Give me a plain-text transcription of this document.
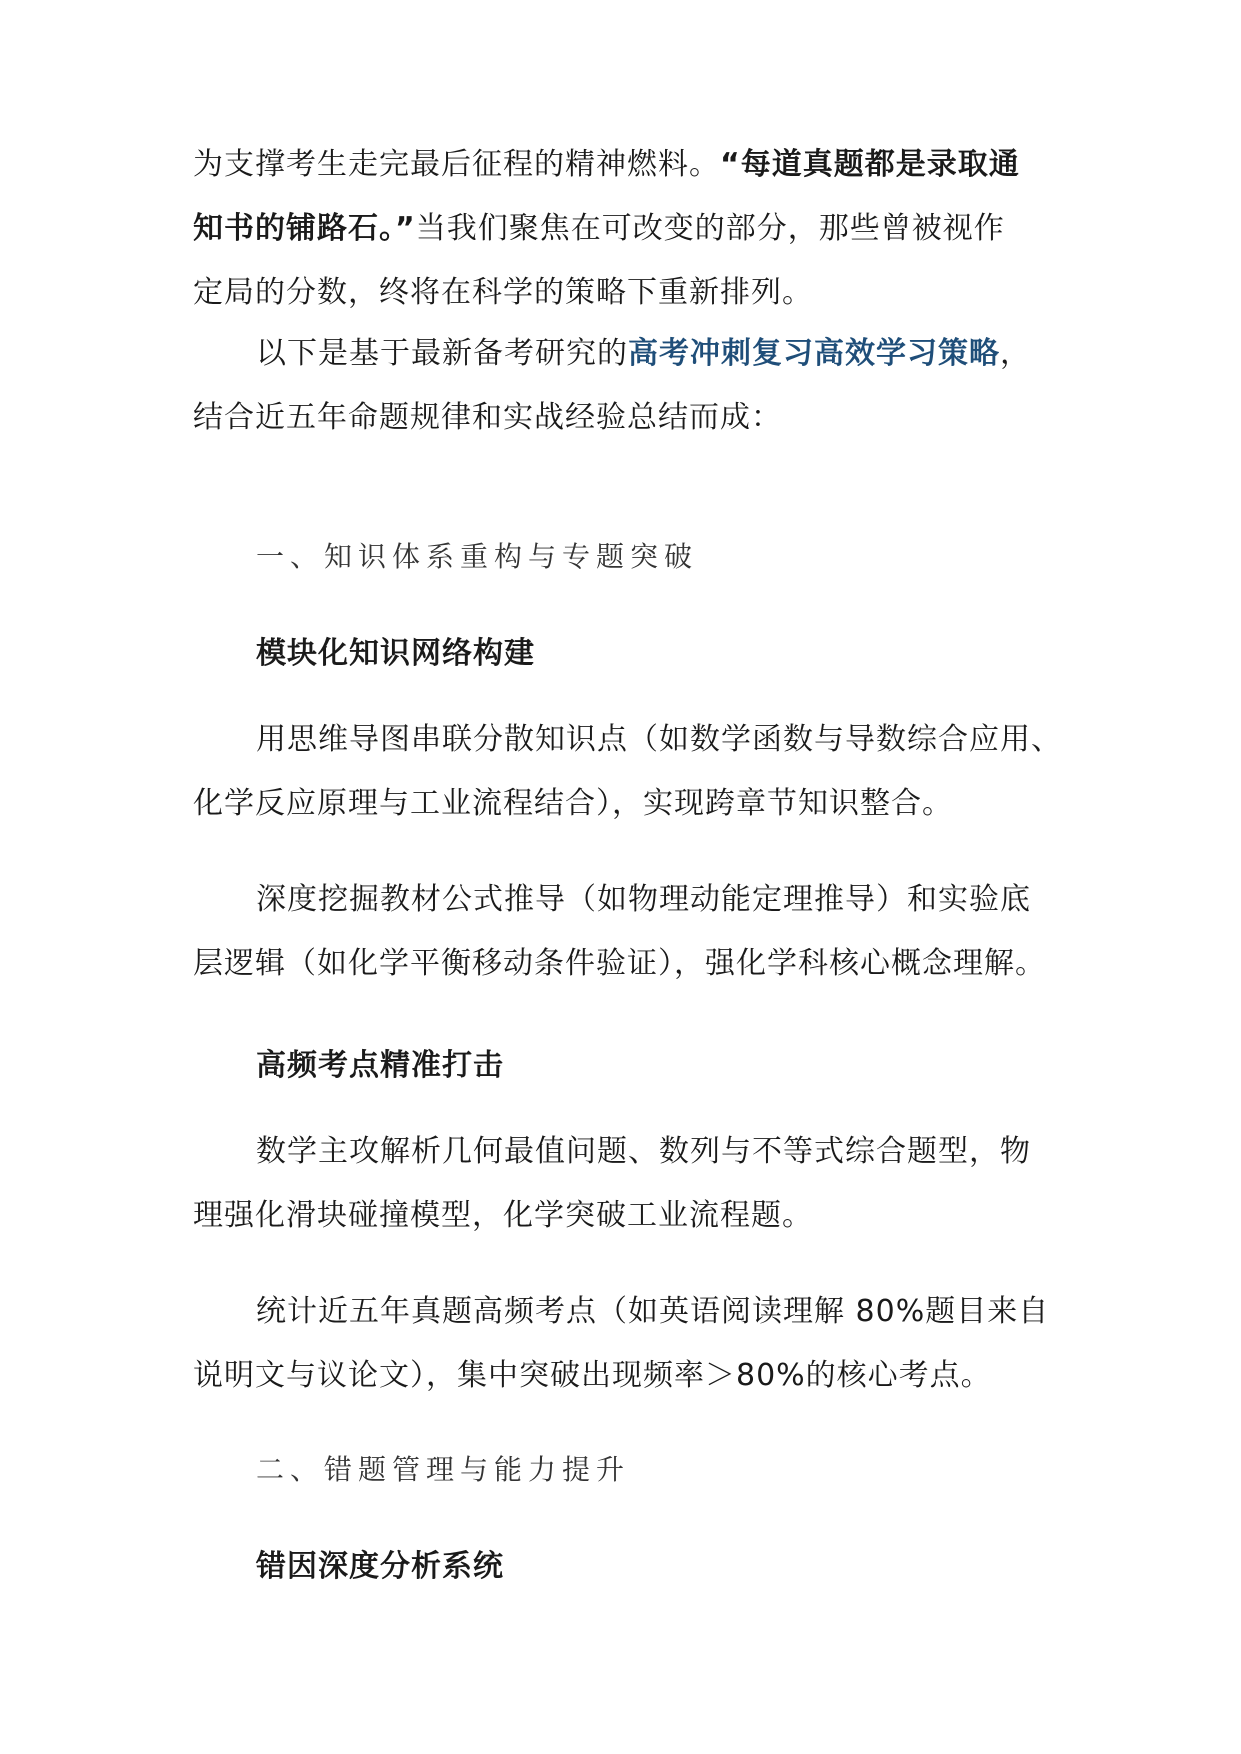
为支撑考生走完最后征程的精神燃料。“每道真题都是录取通
知书的铺路石。”当我们聚焦在可改变的部分，那些曾被视作
定局的分数，终将在科学的策略下重新排列。

以下是基于最新备考研究的高考冲刺复习高效学习策略，
结合近五年命题规律和实战经验总结而成：

一、知识体系重构与专题突破

模块化知识网络构建

用思维导图串联分散知识点（如数学函数与导数综合应用、
化学反应原理与工业流程结合），实现跨章节知识整合。

深度挖掘教材公式推导（如物理动能定理推导）和实验底
层逻辑（如化学平衡移动条件验证），强化学科核心概念理解。

高频考点精准打击

数学主攻解析几何最值问题、数列与不等式综合题型，物
理强化滑块碰撞模型，化学突破工业流程题。

统计近五年真题高频考点（如英语阅读理解 80%题目来自
说明文与议论文），集中突破出现频率＞80%的核心考点。

二、错题管理与能力提升

错因深度分析系统
